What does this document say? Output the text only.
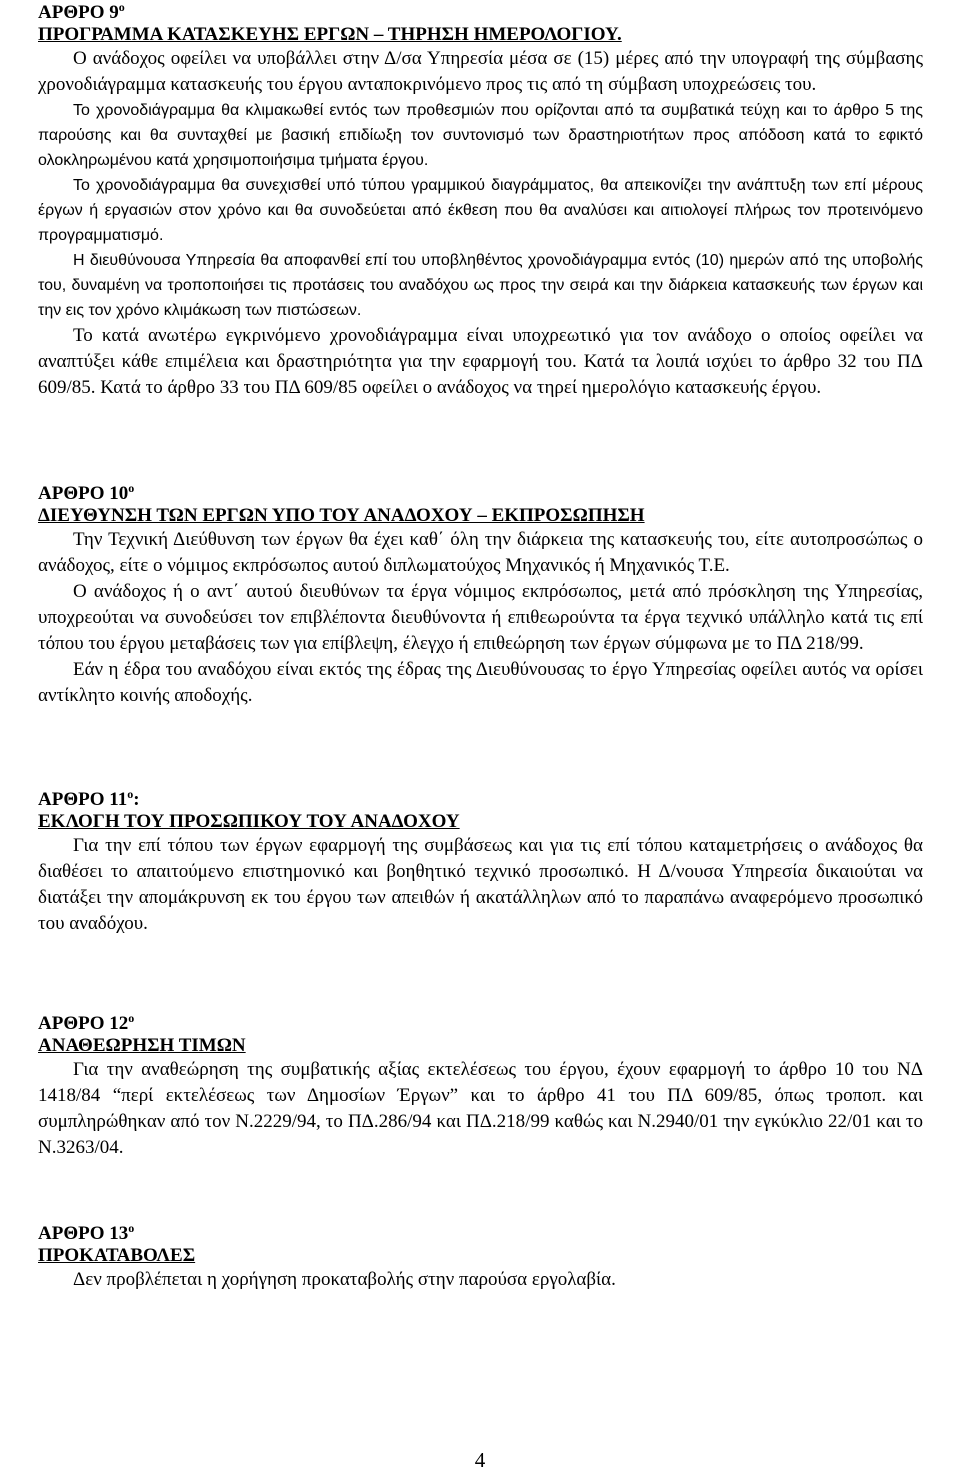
ΑΡΘΡΟ $9^o$

ΠΡΟΓΡΑΜΜΑ ΚΑΤΑΣΚΕΥΗΣ ΕΡΓΩΝ – ΤΗΡΗΣΗ ΗΜΕΡΟΛΟΓΙΟΥ.

Ο ανάδοχος οφείλει να υποβάλλει στην Δ/σα Υπηρεσία μέσα σε (15) μέρες από την υπογραφή της σύμβασης χρονοδιάγραμμα κατασκευής του έργου ανταποκρινόμενο προς τις από τη σύμβαση υποχρεώσεις του.

Το χρονοδιάγραμμα θα κλιμακωθεί εντός των προθεσμιών που ορίζονται από τα συμβατικά τεύχη και το άρθρο 5 της παρούσης και θα συνταχθεί με βασική επιδίωξη τον συντονισμό των δραστηριοτήτων προς απόδοση κατά το εφικτό ολοκληρωμένου κατά χρησιμοποιήσιμα τμήματα έργου.

Το χρονοδιάγραμμα θα συνεχισθεί υπό τύπου γραμμικού διαγράμματος, θα απεικονίζει την ανάπτυξη των επί μέρους έργων ή εργασιών στον χρόνο και θα συνοδεύεται από έκθεση που θα αναλύσει και αιτιολογεί πλήρως τον προτεινόμενο προγραμματισμό.

Η διευθύνουσα Υπηρεσία θα αποφανθεί επί του υποβληθέντος χρονοδιάγραμμα εντός (10) ημερών από της υποβολής του, δυναμένη να τροποποιήσει τις προτάσεις του αναδόχου ως προς την σειρά και την διάρκεια κατασκευής των έργων και την εις τον χρόνο κλιμάκωση των πιστώσεων.

Το κατά ανωτέρω εγκρινόμενο χρονοδιάγραμμα είναι υποχρεωτικό για τον ανάδοχο ο οποίος οφείλει να αναπτύξει κάθε επιμέλεια και δραστηριότητα για την εφαρμογή του. Κατά τα λοιπά ισχύει το άρθρο 32 του ΠΔ 609/85. Κατά το άρθρο 33 του ΠΔ 609/85 οφείλει ο ανάδοχος να τηρεί ημερολόγιο κατασκευής έργου.

ΑΡΘΡΟ $10^o$

ΔΙΕΥΘΥΝΣΗ ΤΩΝ ΕΡΓΩΝ ΥΠΟ ΤΟΥ ΑΝΑΔΟΧΟΥ – ΕΚΠΡΟΣΩΠΗΣΗ

Την Τεχνική Διεύθυνση των έργων θα έχει καθ΄ όλη την διάρκεια της κατασκευής του, είτε αυτοπροσώπως ο ανάδοχος, είτε ο νόμιμος εκπρόσωπος αυτού διπλωματούχος Μηχανικός ή Μηχανικός Τ.Ε.

Ο ανάδοχος ή ο αντ΄ αυτού διευθύνων τα έργα νόμιμος εκπρόσωπος, μετά από πρόσκληση της Υπηρεσίας, υποχρεούται να συνοδεύσει τον επιβλέποντα διευθύνοντα ή επιθεωρούντα τα έργα τεχνικό υπάλληλο κατά τις επί τόπου του έργου μεταβάσεις των για επίβλεψη, έλεγχο ή επιθεώρηση των έργων σύμφωνα με το ΠΔ 218/99.

Εάν η έδρα του αναδόχου είναι εκτός της έδρας της Διευθύνουσας το έργο Υπηρεσίας οφείλει αυτός να ορίσει αντίκλητο κοινής αποδοχής.

ΑΡΘΡΟ $11^o$:

ΕΚΛΟΓΗ ΤΟΥ ΠΡΟΣΩΠΙΚΟΥ ΤΟΥ ΑΝΑΔΟΧΟΥ

Για την επί τόπου των έργων εφαρμογή της συμβάσεως και για τις επί τόπου καταμετρήσεις ο ανάδοχος θα διαθέσει το απαιτούμενο επιστημονικό και βοηθητικό τεχνικό προσωπικό. Η Δ/νουσα Υπηρεσία δικαιούται να διατάξει την απομάκρυνση εκ του έργου των απειθών ή ακατάλληλων από το παραπάνω αναφερόμενο προσωπικό του αναδόχου.

ΑΡΘΡΟ $12^o$

ΑΝΑΘΕΩΡΗΣΗ ΤΙΜΩΝ

Για την αναθεώρηση της συμβατικής αξίας εκτελέσεως του έργου, έχουν εφαρμογή το άρθρο 10 του ΝΔ 1418/84 “περί εκτελέσεως των Δημοσίων Έργων” και το άρθρο 41 του ΠΔ 609/85, όπως τροποπ. και συμπληρώθηκαν από τον Ν.2229/94, το ΠΔ.286/94 και ΠΔ.218/99 καθώς και Ν.2940/01 την εγκύκλιο 22/01 και το Ν.3263/04.

ΑΡΘΡΟ $13^o$

ΠΡΟΚΑΤΑΒΟΛΕΣ

Δεν προβλέπεται η χορήγηση προκαταβολής στην παρούσα εργολαβία.

4
